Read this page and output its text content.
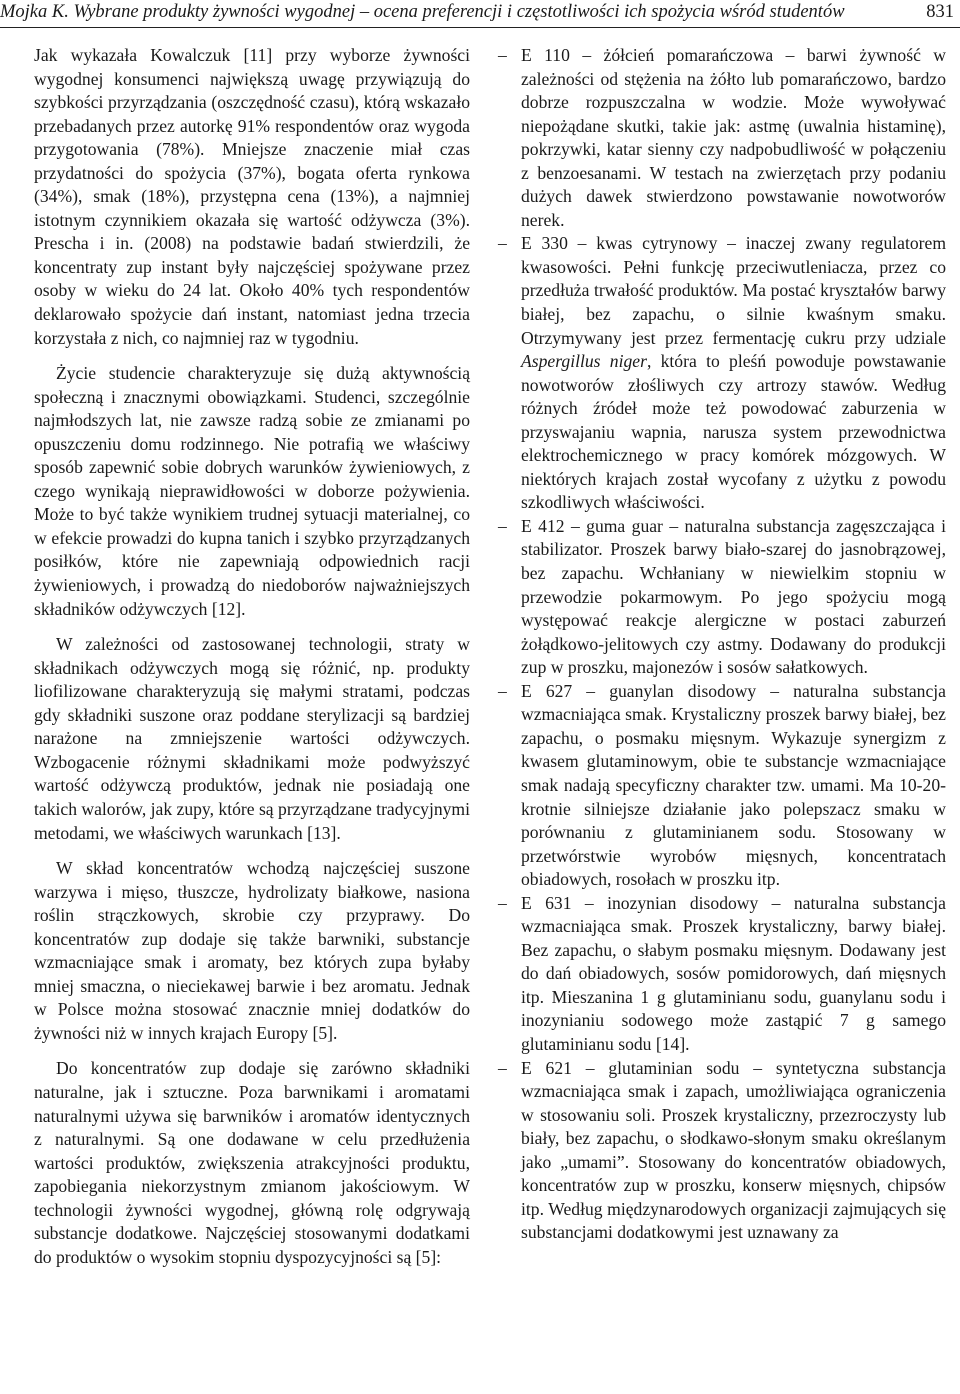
Mojka K. Wybrane produkty żywności wygodnej – ocena preferencji i częstotliwości ich spożycia wśród studentów	831

Jak wykazała Kowalczuk [11] przy wyborze żywności wygodnej konsumenci największą uwagę przywiązują do szybkości przyrządzania (oszczędność czasu), którą wskazało przebadanych przez autorkę 91% respondentów oraz wygoda przygotowania (78%). Mniejsze znaczenie miał czas przydatności do spożycia (37%), bogata oferta rynkowa (34%), smak (18%), przystępna cena (13%), a najmniej istotnym czynnikiem okazała się wartość odżywcza (3%). Prescha i in. (2008) na podstawie badań stwierdzili, że koncentraty zup instant były najczęściej spożywane przez osoby w wieku do 24 lat. Około 40% tych respondentów deklarowało spożycie dań instant, natomiast jedna trzecia korzystała z nich, co najmniej raz w tygodniu.

Życie studencie charakteryzuje się dużą aktywnością społeczną i znacznymi obowiązkami. Studenci, szczególnie najmłodszych lat, nie zawsze radzą sobie ze zmianami po opuszczeniu domu rodzinnego. Nie potrafią we właściwy sposób zapewnić sobie dobrych warunków żywieniowych, z czego wynikają nieprawidłowości w doborze pożywienia. Może to być także wynikiem trudnej sytuacji materialnej, co w efekcie prowadzi do kupna tanich i szybko przyrządzanych posiłków, które nie zapewniają odpowiednich racji żywieniowych, i prowadzą do niedoborów najważniejszych składników odżywczych [12].

W zależności od zastosowanej technologii, straty w składnikach odżywczych mogą się różnić, np. produkty liofilizowane charakteryzują się małymi stratami, podczas gdy składniki suszone oraz poddane sterylizacji są bardziej narażone na zmniejszenie wartości odżywczych. Wzbogacenie różnymi składnikami może podwyższyć wartość odżywczą produktów, jednak nie posiadają one takich walorów, jak zupy, które są przyrządzane tradycyjnymi metodami, we właściwych warunkach [13].

W skład koncentratów wchodzą najczęściej suszone warzywa i mięso, tłuszcze, hydrolizaty białkowe, nasiona roślin strączkowych, skrobie czy przyprawy. Do koncentratów zup dodaje się także barwniki, substancje wzmacniające smak i aromaty, bez których zupa byłaby mniej smaczna, o nieciekawej barwie i bez aromatu. Jednak w Polsce można stosować znacznie mniej dodatków do żywności niż w innych krajach Europy [5].

Do koncentratów zup dodaje się zarówno składniki naturalne, jak i sztuczne. Poza barwnikami i aromatami naturalnymi używa się barwników i aromatów identycznych z naturalnymi. Są one dodawane w celu przedłużenia wartości produktów, zwiększenia atrakcyjności produktu, zapobiegania niekorzystnym zmianom jakościowym. W technologii żywności wygodnej, główną rolę odgrywają substancje dodatkowe. Najczęściej stosowanymi dodatkami do produktów o wysokim stopniu dyspozycyjności są [5]:

– E 110 – żółcień pomarańczowa – barwi żywność w zależności od stężenia na żółto lub pomarańczowo, bardzo dobrze rozpuszczalna w wodzie. Może wywoływać niepożądane skutki, takie jak: astmę (uwalnia histaminę), pokrzywki, katar sienny czy nadpobudliwość w połączeniu z benzoesanami. W testach na zwierzętach przy podaniu dużych dawek stwierdzono powstawanie nowotworów nerek.
– E 330 – kwas cytrynowy – inaczej zwany regulatorem kwasowości. Pełni funkcję przeciwutleniacza, przez co przedłuża trwałość produktów. Ma postać kryształów barwy białej, bez zapachu, o silnie kwaśnym smaku. Otrzymywany jest przez fermentację cukru przy udziale Aspergillus niger, która to pleśń powoduje powstawanie nowotworów złośliwych czy artrozy stawów. Według różnych źródeł może też powodować zaburzenia w przyswajaniu wapnia, narusza system przewodnictwa elektrochemicznego w pracy komórek mózgowych. W niektórych krajach został wycofany z użytku z powodu szkodliwych właściwości.
– E 412 – guma guar – naturalna substancja zagęszczająca i stabilizator. Proszek barwy biało-szarej do jasnobrązowej, bez zapachu. Wchłaniany w niewielkim stopniu w przewodzie pokarmowym. Po jego spożyciu mogą występować reakcje alergiczne w postaci zaburzeń żołądkowo-jelitowych czy astmy. Dodawany do produkcji zup w proszku, majonezów i sosów sałatkowych.
– E 627 – guanylan disodowy – naturalna substancja wzmacniająca smak. Krystaliczny proszek barwy białej, bez zapachu, o posmaku mięsnym. Wykazuje synergizm z kwasem glutaminowym, obie te substancje wzmacniające smak nadają specyficzny charakter tzw. umami. Ma 10-20-krotnie silniejsze działanie jako polepszacz smaku w porównaniu z glutaminianem sodu. Stosowany w przetwórstwie wyrobów mięsnych, koncentratach obiadowych, rosołach w proszku itp.
– E 631 – inozynian disodowy – naturalna substancja wzmacniająca smak. Proszek krystaliczny, barwy białej. Bez zapachu, o słabym posmaku mięsnym. Dodawany jest do dań obiadowych, sosów pomidorowych, dań mięsnych itp. Mieszanina 1 g glutaminianu sodu, guanylanu sodu i inozynianiu sodowego może zastąpić 7 g samego glutaminianu sodu [14].
– E 621 – glutaminian sodu – syntetyczna substancja wzmacniająca smak i zapach, umożliwiająca ograniczenia w stosowaniu soli. Proszek krystaliczny, przezroczysty lub biały, bez zapachu, o słodkawo-słonym smaku określanym jako „umami”. Stosowany do koncentratów obiadowych, koncentratów zup w proszku, konserw mięsnych, chipsów itp. Według międzynarodowych organizacji zajmujących się substancjami dodatkowymi jest uznawany za
